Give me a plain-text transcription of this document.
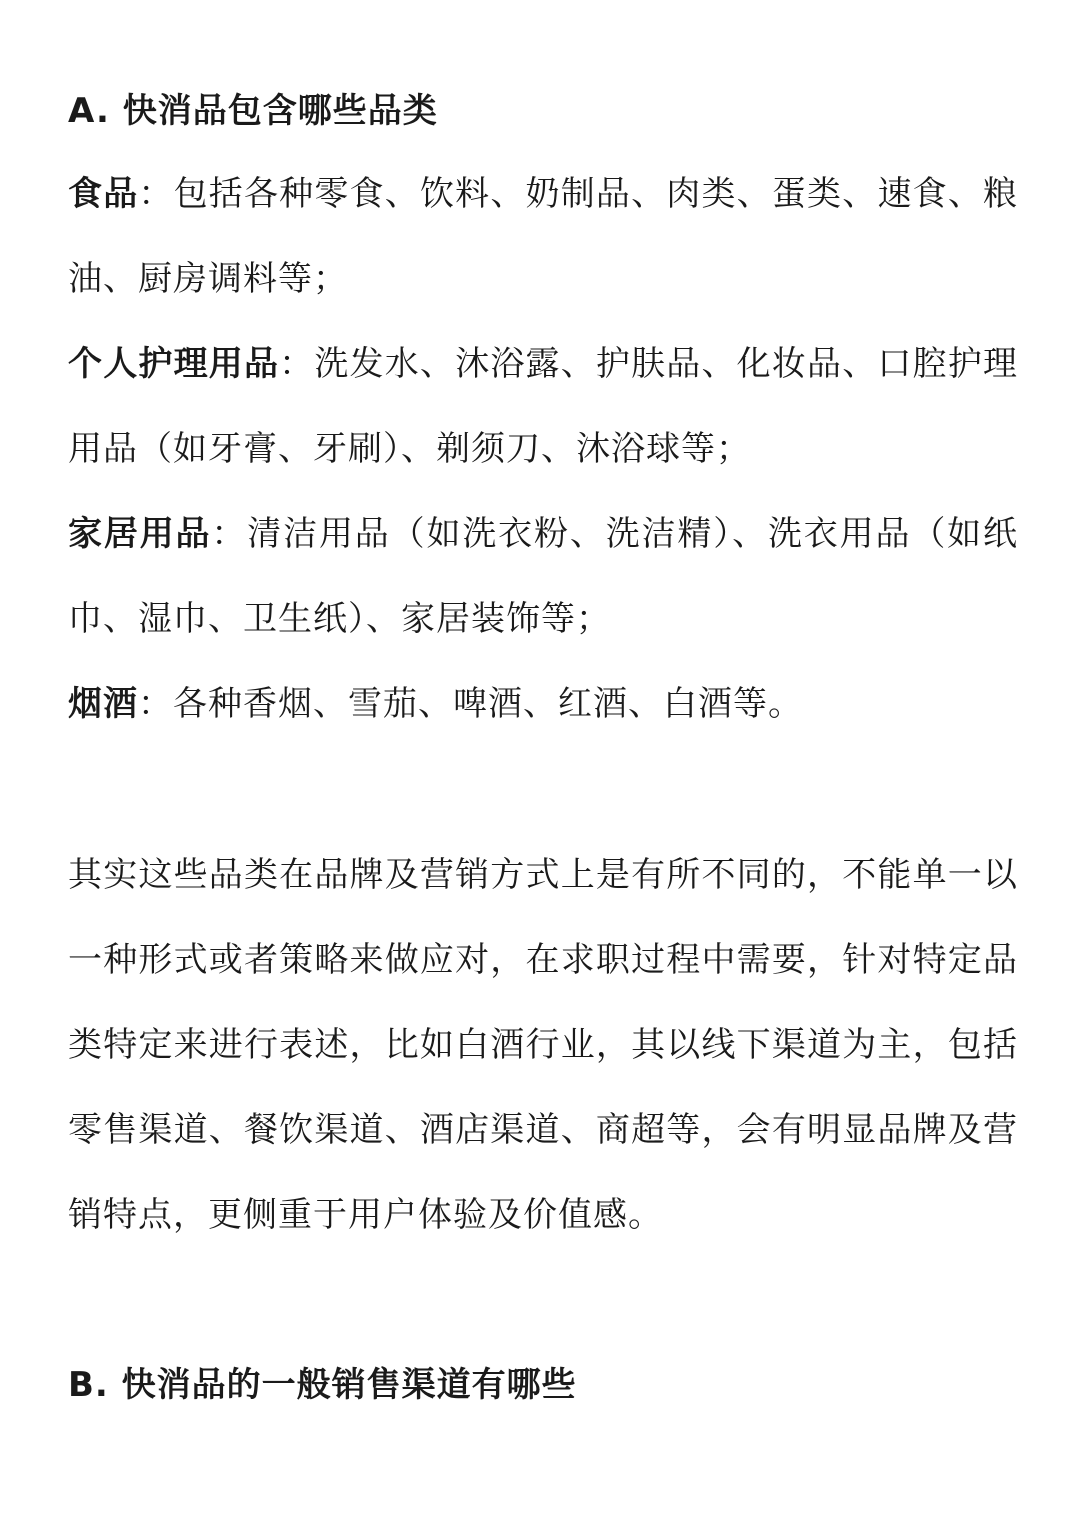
A. 快消品包含哪些品类

食品：包括各种零食、饮料、奶制品、肉类、蛋类、速食、粮油、厨房调料等；

个人护理用品：洗发水、沐浴露、护肤品、化妆品、口腔护理用品（如牙膏、牙刷）、剃须刀、沐浴球等；

家居用品：清洁用品（如洗衣粉、洗洁精）、洗衣用品（如纸巾、湿巾、卫生纸）、家居装饰等；

烟酒：各种香烟、雪茄、啤酒、红酒、白酒等。

其实这些品类在品牌及营销方式上是有所不同的，不能单一以一种形式或者策略来做应对，在求职过程中需要，针对特定品类特定来进行表述，比如白酒行业，其以线下渠道为主，包括零售渠道、餐饮渠道、酒店渠道、商超等，会有明显品牌及营销特点，更侧重于用户体验及价值感。

B. 快消品的一般销售渠道有哪些
